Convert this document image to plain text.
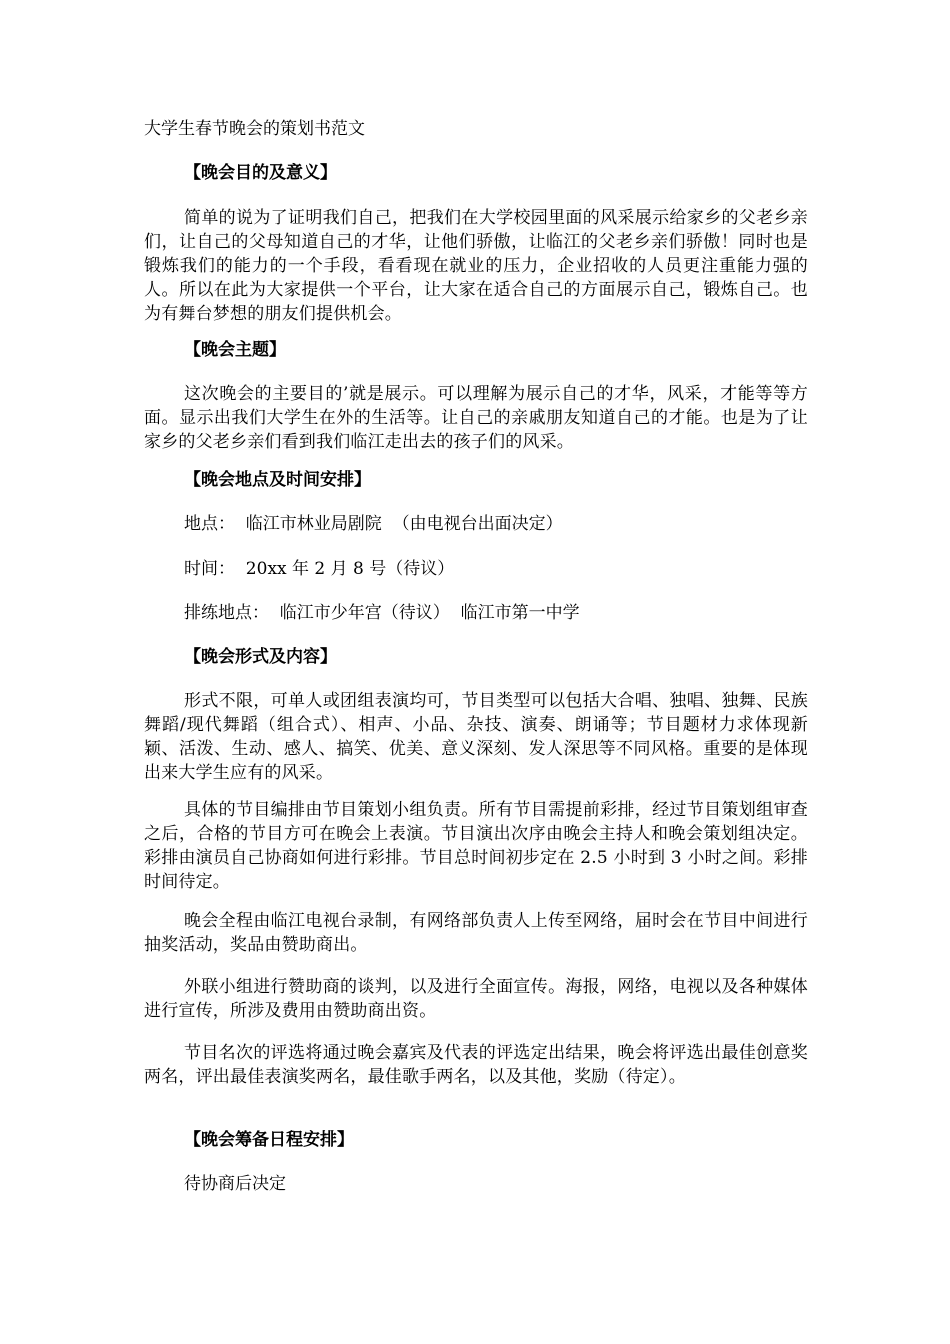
大学生春节晚会的策划书范文
【晚会目的及意义】
简单的说为了证明我们自己，把我们在大学校园里面的风采展示给家乡的父老乡亲们，让自己的父母知道自己的才华，让他们骄傲，让临江的父老乡亲们骄傲！同时也是锻炼我们的能力的一个手段，看看现在就业的压力，企业招收的人员更注重能力强的人。所以在此为大家提供一个平台，让大家在适合自己的方面展示自己，锻炼自己。也为有舞台梦想的朋友们提供机会。
【晚会主题】
这次晚会的主要目的’就是展示。可以理解为展示自己的才华，风采，才能等等方面。显示出我们大学生在外的生活等。让自己的亲戚朋友知道自己的才能。也是为了让家乡的父老乡亲们看到我们临江走出去的孩子们的风采。
【晚会地点及时间安排】
地点：  临江市林业局剧院  （由电视台出面决定）
时间：  20xx 年 2 月 8 号（待议）
排练地点：  临江市少年宫（待议）  临江市第一中学
【晚会形式及内容】
形式不限，可单人或团组表演均可，节目类型可以包括大合唱、独唱、独舞、民族舞蹈/现代舞蹈（组合式）、相声、小品、杂技、演奏、朗诵等；节目题材力求体现新颖、活泼、生动、感人、搞笑、优美、意义深刻、发人深思等不同风格。重要的是体现出来大学生应有的风采。
具体的节目编排由节目策划小组负责。所有节目需提前彩排，经过节目策划组审查之后，合格的节目方可在晚会上表演。节目演出次序由晚会主持人和晚会策划组决定。彩排由演员自己协商如何进行彩排。节目总时间初步定在 2.5 小时到 3 小时之间。彩排时间待定。
晚会全程由临江电视台录制，有网络部负责人上传至网络，届时会在节目中间进行抽奖活动，奖品由赞助商出。
外联小组进行赞助商的谈判，以及进行全面宣传。海报，网络，电视以及各种媒体进行宣传，所涉及费用由赞助商出资。
节目名次的评选将通过晚会嘉宾及代表的评选定出结果，晚会将评选出最佳创意奖两名，评出最佳表演奖两名，最佳歌手两名，以及其他，奖励（待定）。
【晚会筹备日程安排】
待协商后决定
